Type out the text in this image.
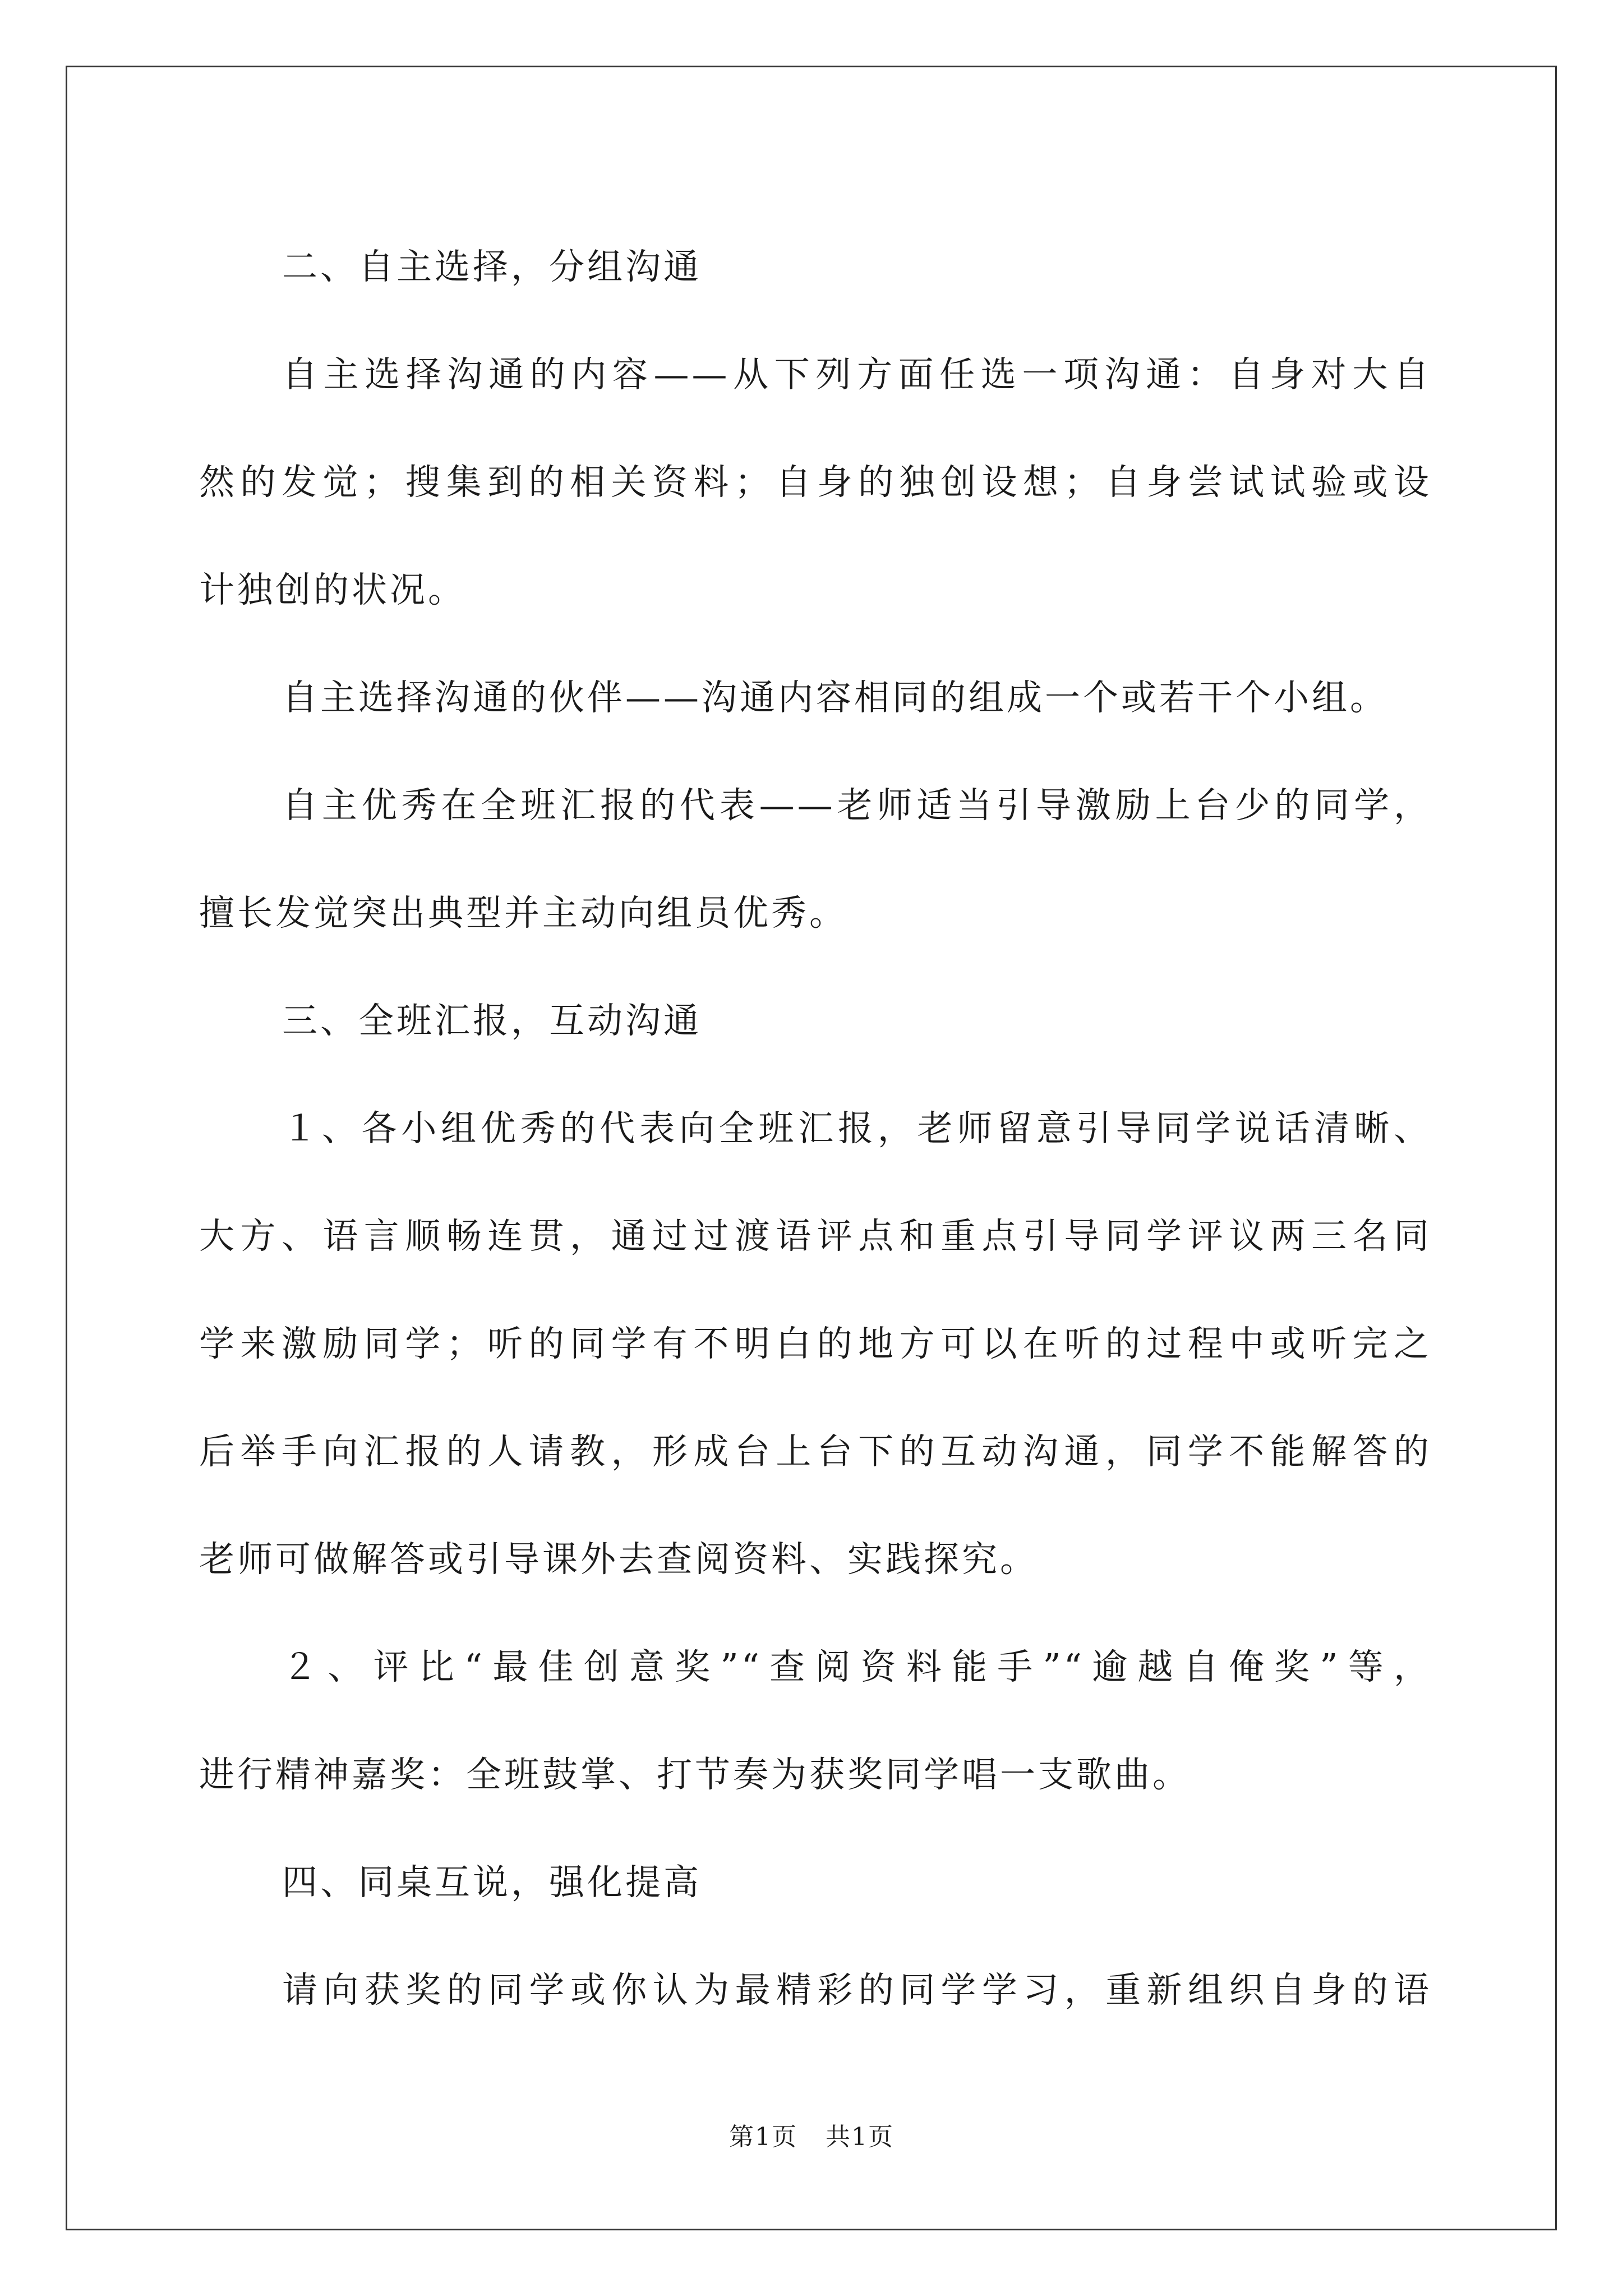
二、自主选择，分组沟通
自主选择沟通的内容——从下列方面任选一项沟通：自身对大自
然的发觉；搜集到的相关资料；自身的独创设想；自身尝试试验或设
计独创的状况。
自主选择沟通的伙伴——沟通内容相同的组成一个或若干个小组。
自主优秀在全班汇报的代表——老师适当引导激励上台少的同学，
擅长发觉突出典型并主动向组员优秀。
三、全班汇报，互动沟通
１、各小组优秀的代表向全班汇报，老师留意引导同学说话清晰、
大方、语言顺畅连贯，通过过渡语评点和重点引导同学评议两三名同
学来激励同学；听的同学有不明白的地方可以在听的过程中或听完之
后举手向汇报的人请教，形成台上台下的互动沟通，同学不能解答的
老师可做解答或引导课外去查阅资料、实践探究。
２、评比“最佳创意奖”“查阅资料能手”“逾越自俺奖”等，
进行精神嘉奖：全班鼓掌、打节奏为获奖同学唱一支歌曲。
四、同桌互说，强化提高
请向获奖的同学或你认为最精彩的同学学习，重新组织自身的语
第1页 共1页
